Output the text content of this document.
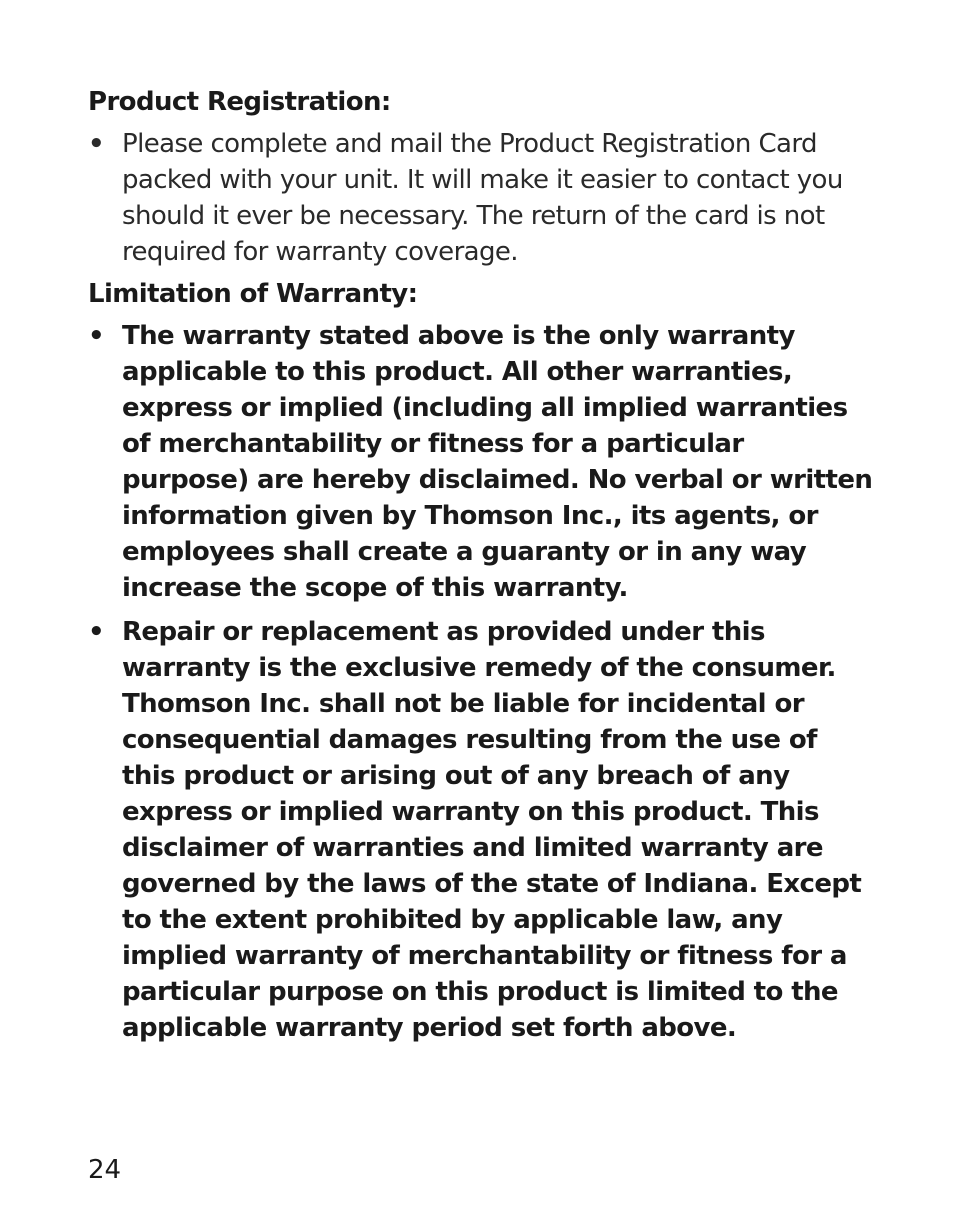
Product Registration:
• Please complete and mail the Product Registration Card packed with your unit. It will make it easier to contact you should it ever be necessary. The return of the card is not required for warranty coverage.
Limitation of Warranty:
• The warranty stated above is the only warranty applicable to this product. All other warranties, express or implied (including all implied warranties of merchantability or fitness for a particular purpose) are hereby disclaimed. No verbal or written information given by Thomson Inc., its agents, or employees shall create a guaranty or in any way increase the scope of this warranty.
• Repair or replacement as provided under this warranty is the exclusive remedy of the consumer. Thomson Inc. shall not be liable for incidental or consequential damages resulting from the use of this product or arising out of any breach of any express or implied warranty on this product. This disclaimer of warranties and limited warranty are governed by the laws of the state of Indiana. Except to the extent prohibited by applicable law, any implied warranty of merchantability or fitness for a particular purpose on this product is limited to the applicable warranty period set forth above.
24
